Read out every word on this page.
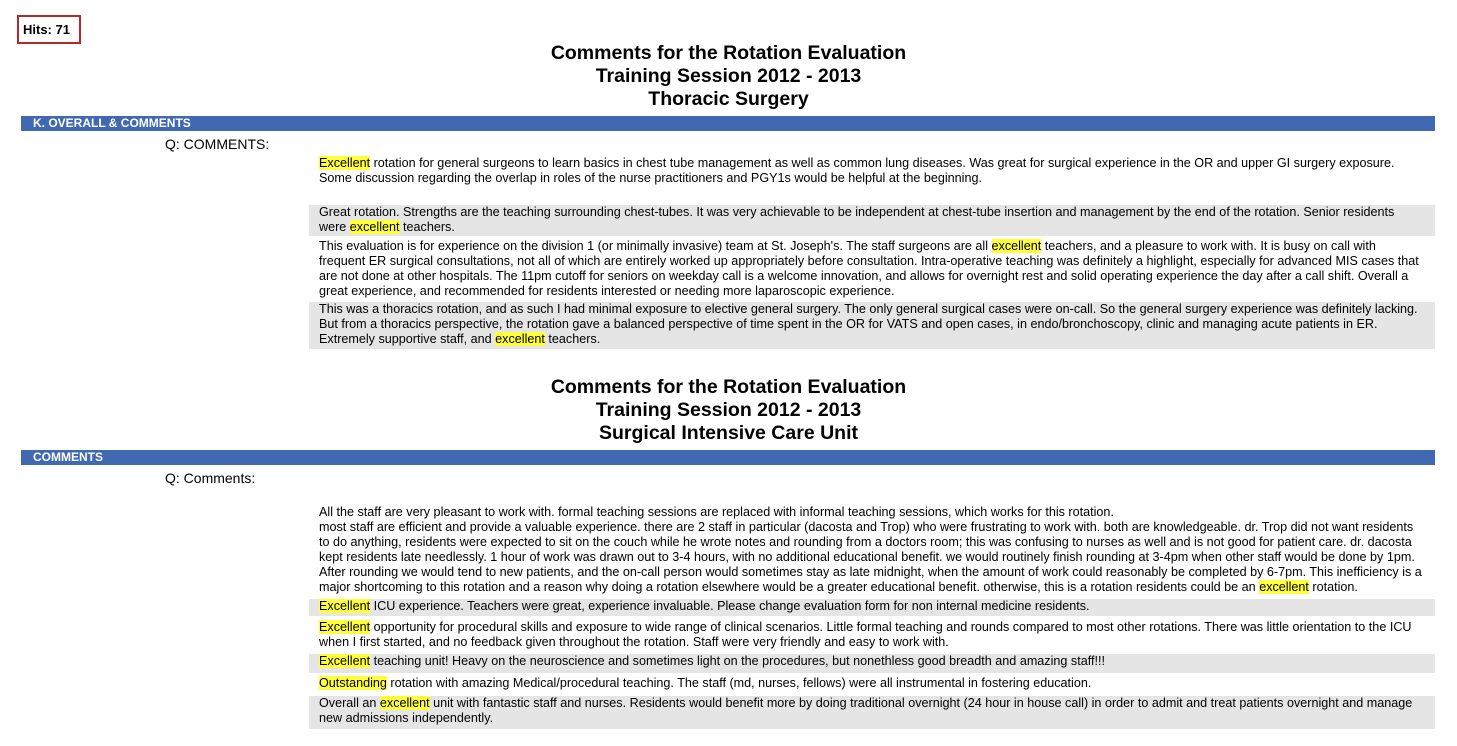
Hits: 71
Comments for the Rotation Evaluation
Training Session 2012 - 2013
Thoracic Surgery
K. OVERALL & COMMENTS
Q: COMMENTS:

Excellent rotation for general surgeons to learn basics in chest tube management as well as common lung diseases. Was great for surgical experience in the OR and upper GI surgery exposure.

Some discussion regarding the overlap in roles of the nurse practitioners and PGY1s would be helpful at the beginning.

Great rotation. Strengths are the teaching surrounding chest-tubes. It was very achievable to be independent at chest-tube insertion and management by the end of the rotation. Senior residents were excellent teachers.

This evaluation is for experience on the division 1 (or minimally invasive) team at St. Joseph's. The staff surgeons are all excellent teachers, and a pleasure to work with. It is busy on call with frequent ER surgical consultations, not all of which are entirely worked up appropriately before consultation. Intra-operative teaching was definitely a highlight, especially for advanced MIS cases that are not done at other hospitals. The 11pm cutoff for seniors on weekday call is a welcome innovation, and allows for overnight rest and solid operating experience the day after a call shift. Overall a great experience, and recommended for residents interested or needing more laparoscopic experience.

This was a thoracics rotation, and as such I had minimal exposure to elective general surgery. The only general surgical cases were on-call. So the general surgery experience was definitely lacking. But from a thoracics perspective, the rotation gave a balanced perspective of time spent in the OR for VATS and open cases, in endo/bronchoscopy, clinic and managing acute patients in ER. Extremely supportive staff, and excellent teachers.

Comments for the Rotation Evaluation
Training Session 2012 - 2013
Surgical Intensive Care Unit
COMMENTS
Q: Comments:

All the staff are very pleasant to work with. formal teaching sessions are replaced with informal teaching sessions, which works for this rotation.
most staff are efficient and provide a valuable experience. there are 2 staff in particular (dacosta and Trop) who were frustrating to work with. both are knowledgeable. dr. Trop did not want residents to do anything, residents were expected to sit on the couch while he wrote notes and rounding from a doctors room; this was confusing to nurses as well and is not good for patient care. dr. dacosta kept residents late needlessly. 1 hour of work was drawn out to 3-4 hours, with no additional educational benefit. we would routinely finish rounding at 3-4pm when other staff would be done by 1pm. After rounding we would tend to new patients, and the on-call person would sometimes stay as late midnight, when the amount of work could reasonably be completed by 6-7pm. This inefficiency is a major shortcoming to this rotation and a reason why doing a rotation elsewhere would be a greater educational benefit. otherwise, this is a rotation residents could be an excellent rotation.

Excellent ICU experience. Teachers were great, experience invaluable. Please change evaluation form for non internal medicine residents.

Excellent opportunity for procedural skills and exposure to wide range of clinical scenarios. Little formal teaching and rounds compared to most other rotations. There was little orientation to the ICU when I first started, and no feedback given throughout the rotation. Staff were very friendly and easy to work with.

Excellent teaching unit! Heavy on the neuroscience and sometimes light on the procedures, but nonethless good breadth and amazing staff!!!

Outstanding rotation with amazing Medical/procedural teaching. The staff (md, nurses, fellows) were all instrumental in fostering education.

Overall an excellent unit with fantastic staff and nurses. Residents would benefit more by doing traditional overnight (24 hour in house call) in order to admit and treat patients overnight and manage new admissions independently.
